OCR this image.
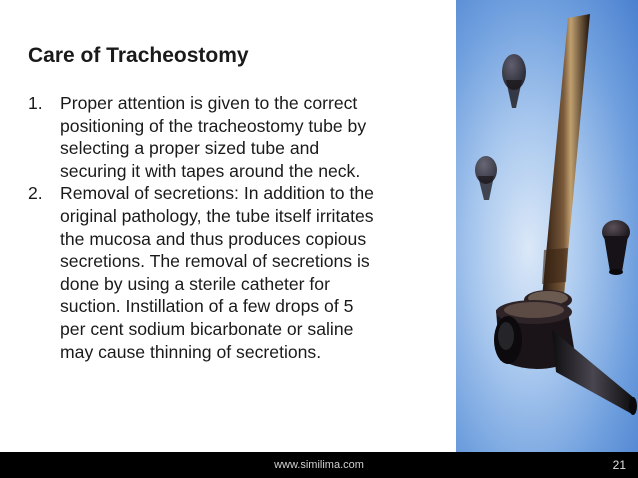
Care of Tracheostomy
1. Proper attention is given to the correct
positioning of the tracheostomy tube by
selecting a proper sized tube and
securing it with tapes around the neck.
2. Removal of secretions: In addition to the
original pathology, the tube itself irritates
the mucosa and thus produces copious
secretions. The removal of secretions is
done by using a sterile catheter for
suction. Instillation of a few drops of 5
per cent sodium bicarbonate or saline
may cause thinning of secretions.
www.similima.com	21
